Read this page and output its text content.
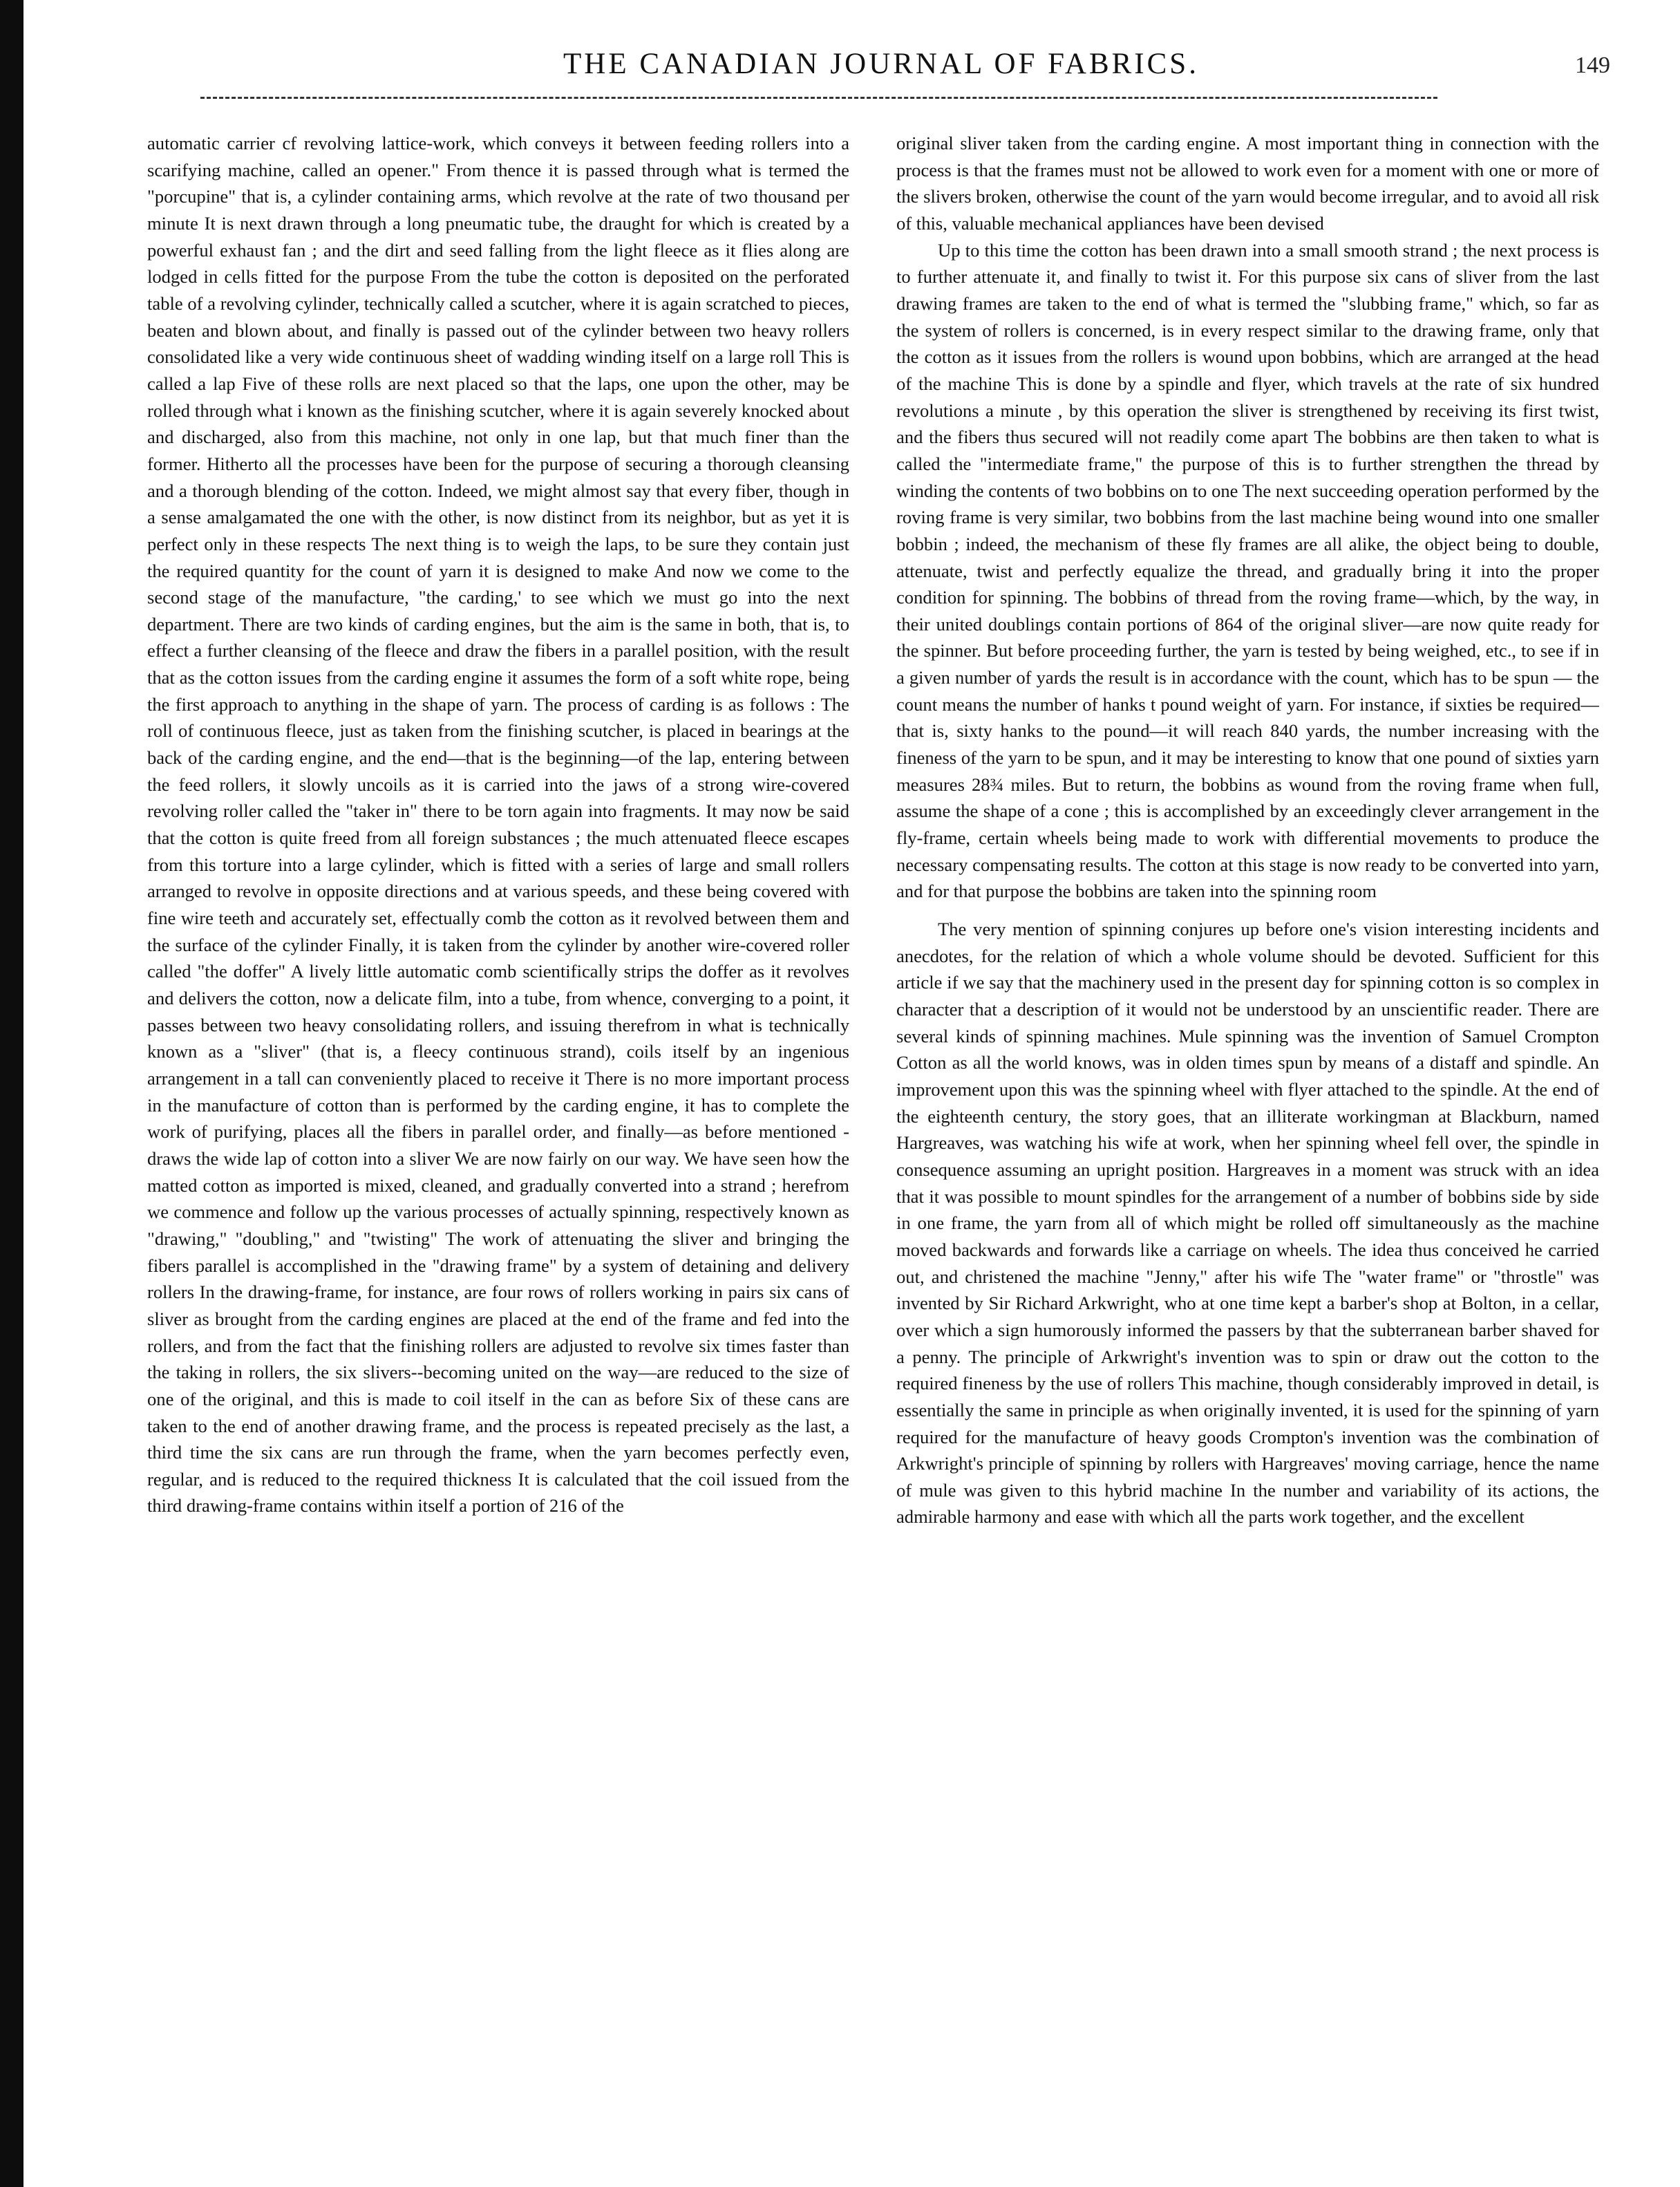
THE CANADIAN JOURNAL OF FABRICS.	149

automatic carrier cf revolving lattice-work, which conveys it between feeding rollers into a scarifying machine, called an opener." From thence it is passed through what is termed the "porcupine" that is, a cylinder containing arms, which revolve at the rate of two thousand per minute It is next drawn through a long pneumatic tube, the draught for which is created by a powerful exhaust fan ; and the dirt and seed falling from the light fleece as it flies along are lodged in cells fitted for the purpose From the tube the cotton is deposited on the perforated table of a revolving cylinder, technically called a scutcher, where it is again scratched to pieces, beaten and blown about, and finally is passed out of the cylinder between two heavy rollers consolidated like a very wide continuous sheet of wadding winding itself on a large roll This is called a lap Five of these rolls are next placed so that the laps, one upon the other, may be rolled through what i known as the finishing scutcher, where it is again severely knocked about and discharged, also from this machine, not only in one lap, but that much finer than the former. Hitherto all the processes have been for the purpose of securing a thorough cleansing and a thorough blending of the cotton. Indeed, we might almost say that every fiber, though in a sense amalgamated the one with the other, is now distinct from its neighbor, but as yet it is perfect only in these respects The next thing is to weigh the laps, to be sure they contain just the required quantity for the count of yarn it is designed to make And now we come to the second stage of the manufacture, "the carding,' to see which we must go into the next department. There are two kinds of carding engines, but the aim is the same in both, that is, to effect a further cleansing of the fleece and draw the fibers in a parallel position, with the result that as the cotton issues from the carding engine it assumes the form of a soft white rope, being the first approach to anything in the shape of yarn. The process of carding is as follows : The roll of continuous fleece, just as taken from the finishing scutcher, is placed in bearings at the back of the carding engine, and the end—that is the beginning—of the lap, entering between the feed rollers, it slowly uncoils as it is carried into the jaws of a strong wire-covered revolving roller called the "taker in" there to be torn again into fragments. It may now be said that the cotton is quite freed from all foreign substances ; the much attenuated fleece escapes from this torture into a large cylinder, which is fitted with a series of large and small rollers arranged to revolve in opposite directions and at various speeds, and these being covered with fine wire teeth and accurately set, effectually comb the cotton as it revolved between them and the surface of the cylinder Finally, it is taken from the cylinder by another wire-covered roller called "the doffer" A lively little automatic comb scientifically strips the doffer as it revolves and delivers the cotton, now a delicate film, into a tube, from whence, converging to a point, it passes between two heavy consolidating rollers, and issuing therefrom in what is technically known as a "sliver" (that is, a fleecy continuous strand), coils itself by an ingenious arrangement in a tall can conveniently placed to receive it There is no more important process in the manufacture of cotton than is performed by the carding engine, it has to complete the work of purifying, places all the fibers in parallel order, and finally—as before mentioned -draws the wide lap of cotton into a sliver We are now fairly on our way. We have seen how the matted cotton as imported is mixed, cleaned, and gradually converted into a strand ; herefrom we commence and follow up the various processes of actually spinning, respectively known as "drawing," "doubling," and "twisting" The work of attenuating the sliver and bringing the fibers parallel is accomplished in the "drawing frame" by a system of detaining and delivery rollers In the drawing-frame, for instance, are four rows of rollers working in pairs six cans of sliver as brought from the carding engines are placed at the end of the frame and fed into the rollers, and from the fact that the finishing rollers are adjusted to revolve six times faster than the taking in rollers, the six slivers--becoming united on the way—are reduced to the size of one of the original, and this is made to coil itself in the can as before Six of these cans are taken to the end of another drawing frame, and the process is repeated precisely as the last, a third time the six cans are run through the frame, when the yarn becomes perfectly even, regular, and is reduced to the required thickness It is calculated that the coil issued from the third drawing-frame contains within itself a portion of 216 of the

original sliver taken from the carding engine. A most important thing in connection with the process is that the frames must not be allowed to work even for a moment with one or more of the slivers broken, otherwise the count of the yarn would become irregular, and to avoid all risk of this, valuable mechanical appliances have been devised

Up to this time the cotton has been drawn into a small smooth strand ; the next process is to further attenuate it, and finally to twist it. For this purpose six cans of sliver from the last drawing frames are taken to the end of what is termed the "slubbing frame," which, so far as the system of rollers is concerned, is in every respect similar to the drawing frame, only that the cotton as it issues from the rollers is wound upon bobbins, which are arranged at the head of the machine This is done by a spindle and flyer, which travels at the rate of six hundred revolutions a minute , by this operation the sliver is strengthened by receiving its first twist, and the fibers thus secured will not readily come apart The bobbins are then taken to what is called the "intermediate frame," the purpose of this is to further strengthen the thread by winding the contents of two bobbins on to one The next succeeding operation performed by the roving frame is very similar, two bobbins from the last machine being wound into one smaller bobbin ; indeed, the mechanism of these fly frames are all alike, the object being to double, attenuate, twist and perfectly equalize the thread, and gradually bring it into the proper condition for spinning. The bobbins of thread from the roving frame—which, by the way, in their united doublings contain portions of 864 of the original sliver—are now quite ready for the spinner. But before proceeding further, the yarn is tested by being weighed, etc., to see if in a given number of yards the result is in accordance with the count, which has to be spun — the count means the number of hanks t pound weight of yarn. For instance, if sixties be required—that is, sixty hanks to the pound—it will reach 840 yards, the number increasing with the fineness of the yarn to be spun, and it may be interesting to know that one pound of sixties yarn measures 28¾ miles. But to return, the bobbins as wound from the roving frame when full, assume the shape of a cone ; this is accomplished by an exceedingly clever arrangement in the fly-frame, certain wheels being made to work with differential movements to produce the necessary compensating results. The cotton at this stage is now ready to be converted into yarn, and for that purpose the bobbins are taken into the spinning room

The very mention of spinning conjures up before one's vision interesting incidents and anecdotes, for the relation of which a whole volume should be devoted. Sufficient for this article if we say that the machinery used in the present day for spinning cotton is so complex in character that a description of it would not be understood by an unscientific reader. There are several kinds of spinning machines. Mule spinning was the invention of Samuel Crompton Cotton as all the world knows, was in olden times spun by means of a distaff and spindle. An improvement upon this was the spinning wheel with flyer attached to the spindle. At the end of the eighteenth century, the story goes, that an illiterate workingman at Blackburn, named Hargreaves, was watching his wife at work, when her spinning wheel fell over, the spindle in consequence assuming an upright position. Hargreaves in a moment was struck with an idea that it was possible to mount spindles for the arrangement of a number of bobbins side by side in one frame, the yarn from all of which might be rolled off simultaneously as the machine moved backwards and forwards like a carriage on wheels. The idea thus conceived he carried out, and christened the machine "Jenny," after his wife The "water frame" or "throstle" was invented by Sir Richard Arkwright, who at one time kept a barber's shop at Bolton, in a cellar, over which a sign humorously informed the passers by that the subterranean barber shaved for a penny. The principle of Arkwright's invention was to spin or draw out the cotton to the required fineness by the use of rollers This machine, though considerably improved in detail, is essentially the same in principle as when originally invented, it is used for the spinning of yarn required for the manufacture of heavy goods Crompton's invention was the combination of Arkwright's principle of spinning by rollers with Hargreaves' moving carriage, hence the name of mule was given to this hybrid machine In the number and variability of its actions, the admirable harmony and ease with which all the parts work together, and the excellent
